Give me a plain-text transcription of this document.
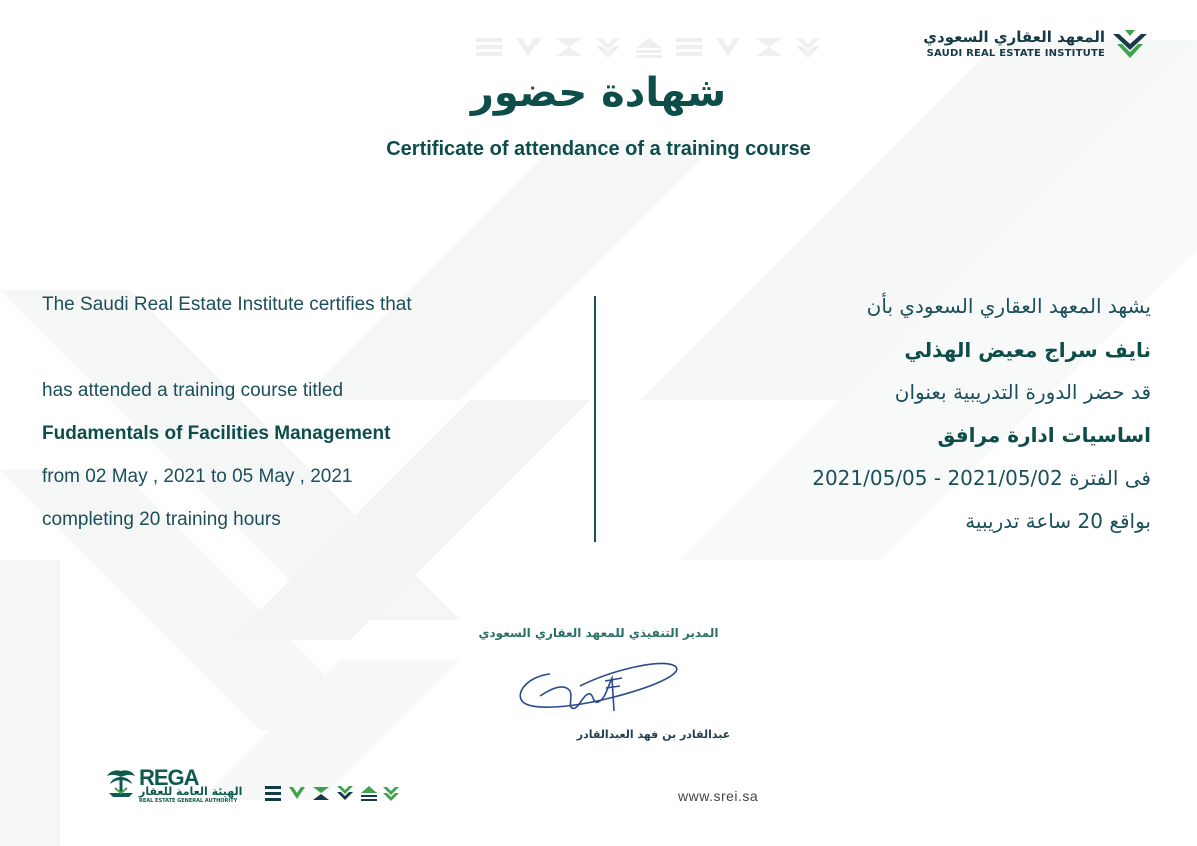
المعهد العقاري السعودي
SAUDI REAL ESTATE INSTITUTE
شهادة حضور
Certificate of attendance of a training course
The Saudi Real Estate Institute certifies that
has attended a training course titled
Fudamentals of Facilities Management
from 02 May , 2021 to 05 May , 2021
completing 20 training hours
يشهد المعهد العقاري السعودي بأن
نايف سراج معيض الهذلي
قد حضر الدورة التدريبية بعنوان
اساسيات ادارة مرافق
فى الفترة 2021/05/02 - 2021/05/05
بواقع 20 ساعة تدريبية
المدير التنفيذي للمعهد العقاري السعودي
عبدالقادر بن فهد العبدالقادر
REGA
الهيئة العامة للعقار
REAL ESTATE GENERAL AUTHORITY	www.srei.sa
